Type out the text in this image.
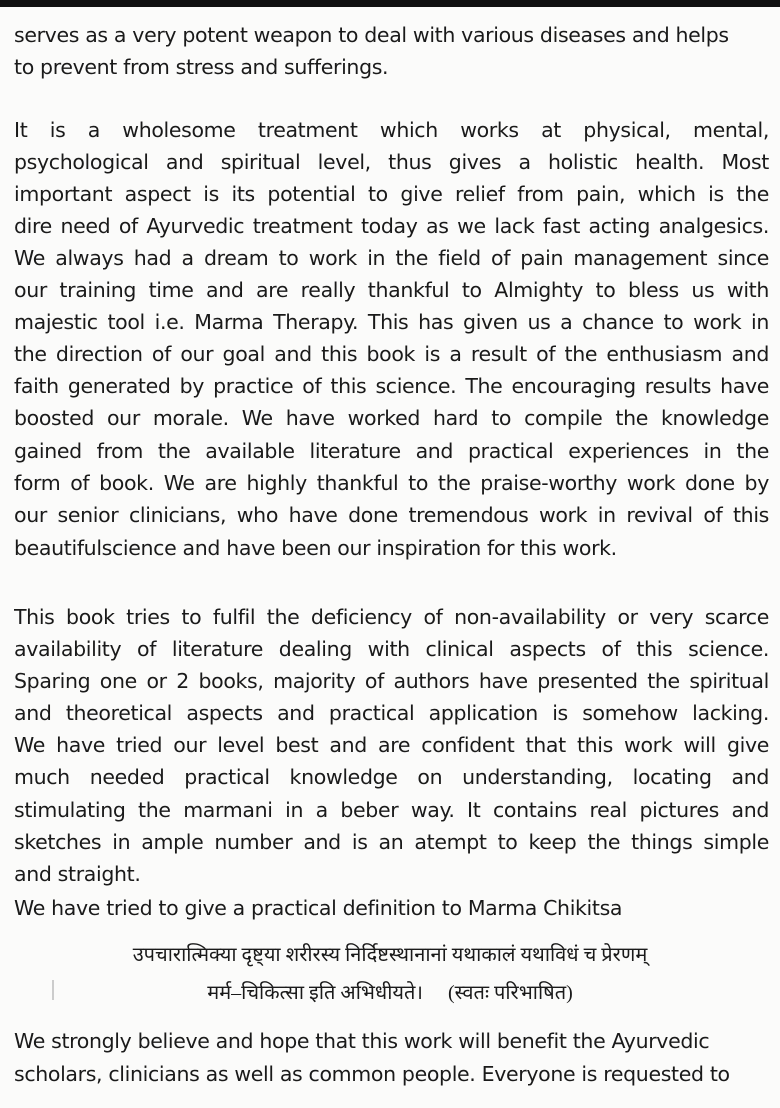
उपचारात्मिक्या दृष्ट्या शरीरस्य निर्दिष्टस्थानानां यथाकालं यथाविधं च प्रेरणम्
मर्म–चिकित्सा इति अभिधीयते।     (स्वतः परिभाषित)
serves as a very potent weapon to deal with various diseases and helps
to prevent from stress and sufferings.
It is a wholesome treatment which works at physical, mental,
psychological and spiritual level, thus gives a holistic health. Most
important aspect is its potential to give relief from pain, which is the
dire need of Ayurvedic treatment today as we lack fast acting analgesics.
We always had a dream to work in the field of pain management since
our training time and are really thankful to Almighty to bless us with
majestic tool i.e. Marma Therapy. This has given us a chance to work in
the direction of our goal and this book is a result of the enthusiasm and
faith generated by practice of this science. The encouraging results have
boosted our morale. We have worked hard to compile the knowledge
gained from the available literature and practical experiences in the
form of book. We are highly thankful to the praise-worthy work done by
our senior clinicians, who have done tremendous work in revival of this
beautifulscience and have been our inspiration for this work.
This book tries to fulfil the deficiency of non-availability or very scarce
availability of literature dealing with clinical aspects of this science.
Sparing one or 2 books, majority of authors have presented the spiritual
and theoretical aspects and practical application is somehow lacking.
We have tried our level best and are confident that this work will give
much needed practical knowledge on understanding, locating and
stimulating the marmani in a beber way. It contains real pictures and
sketches in ample number and is an atempt to keep the things simple
and straight.
We have tried to give a practical definition to Marma Chikitsa
We strongly believe and hope that this work will benefit the Ayurvedic
scholars, clinicians as well as common people. Everyone is requested to
